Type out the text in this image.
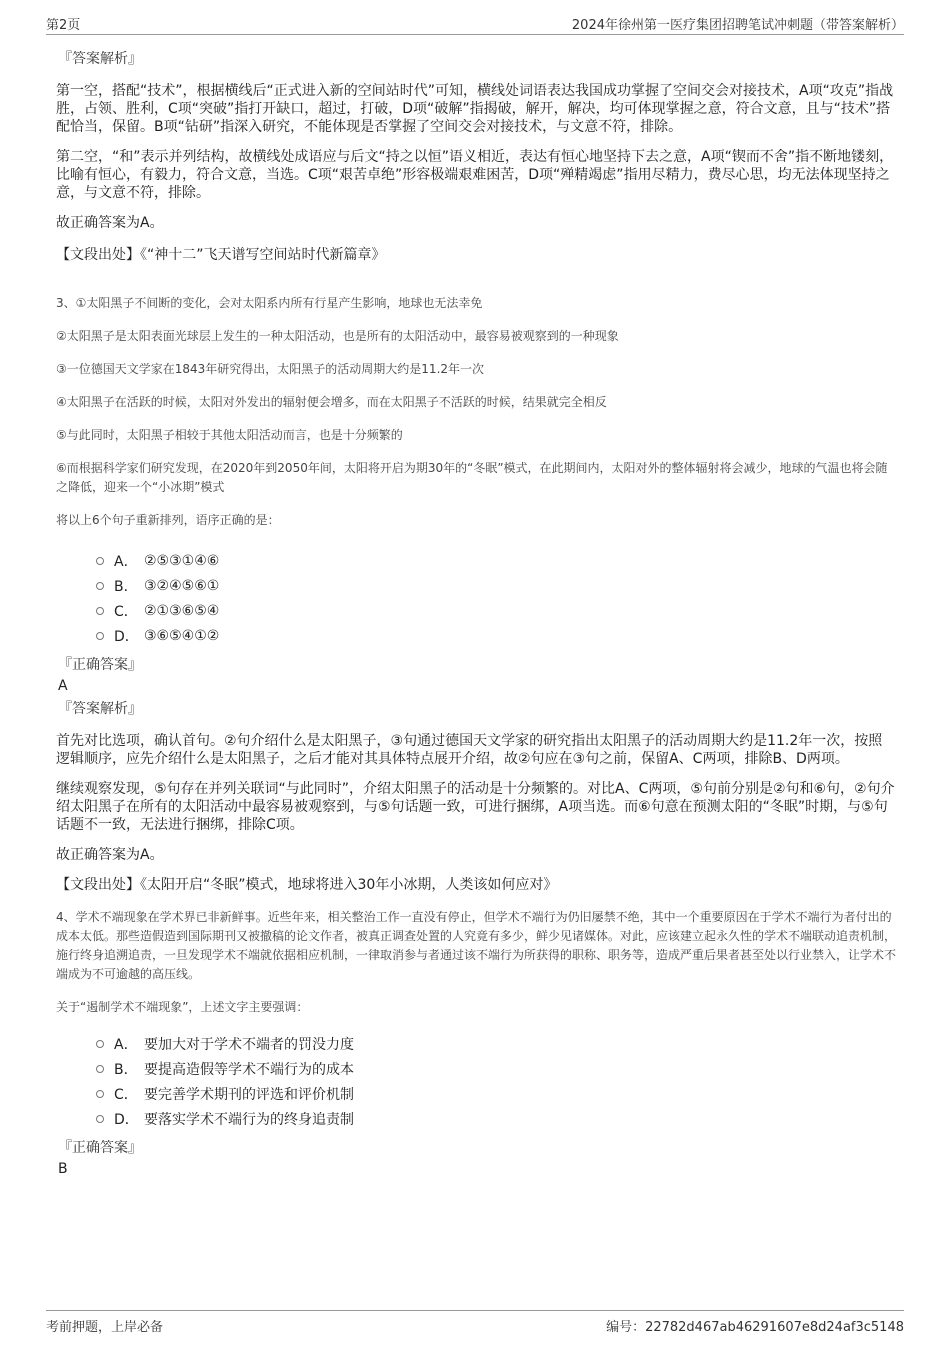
第2页	2024年徐州第一医疗集团招聘笔试冲刺题（带答案解析）
『答案解析』

第一空，搭配“技术”，根据横线后“正式进入新的空间站时代”可知，横线处词语表达我国成功掌握了空间交会对接技术，A项“攻克”指战胜，占领、胜利，C项“突破”指打开缺口，超过，打破，D项“破解”指揭破，解开，解决，均可体现掌握之意，符合文意，且与“技术”搭配恰当，保留。B项“钻研”指深入研究，不能体现是否掌握了空间交会对接技术，与文意不符，排除。

第二空，“和”表示并列结构，故横线处成语应与后文“持之以恒”语义相近，表达有恒心地坚持下去之意，A项“锲而不舍”指不断地镂刻，比喻有恒心，有毅力，符合文意，当选。C项“艰苦卓绝”形容极端艰难困苦，D项“殚精竭虑”指用尽精力，费尽心思，均无法体现坚持之意，与文意不符，排除。

故正确答案为A。

【文段出处】《“神十二”飞天谱写空间站时代新篇章》

3、①太阳黑子不间断的变化，会对太阳系内所有行星产生影响，地球也无法幸免

②太阳黑子是太阳表面光球层上发生的一种太阳活动，也是所有的太阳活动中，最容易被观察到的一种现象

③一位德国天文学家在1843年研究得出，太阳黑子的活动周期大约是11.2年一次

④太阳黑子在活跃的时候，太阳对外发出的辐射便会增多，而在太阳黑子不活跃的时候，结果就完全相反

⑤与此同时，太阳黑子相较于其他太阳活动而言，也是十分频繁的

⑥而根据科学家们研究发现，在2020年到2050年间，太阳将开启为期30年的“冬眠”模式，在此期间内，太阳对外的整体辐射将会减少，地球的气温也将会随之降低，迎来一个“小冰期”模式

将以上6个句子重新排列，语序正确的是：

A． ②⑤③①④⑥
B． ③②④⑤⑥①
C． ②①③⑥⑤④
D． ③⑥⑤④①②
『正确答案』
A
『答案解析』

首先对比选项，确认首句。②句介绍什么是太阳黑子，③句通过德国天文学家的研究指出太阳黑子的活动周期大约是11.2年一次，按照逻辑顺序，应先介绍什么是太阳黑子，之后才能对其具体特点展开介绍，故②句应在③句之前，保留A、C两项，排除B、D两项。

继续观察发现，⑤句存在并列关联词“与此同时”，介绍太阳黑子的活动是十分频繁的。对比A、C两项，⑤句前分别是②句和⑥句，②句介绍太阳黑子在所有的太阳活动中最容易被观察到，与⑤句话题一致，可进行捆绑，A项当选。而⑥句意在预测太阳的“冬眠”时期，与⑤句话题不一致，无法进行捆绑，排除C项。

故正确答案为A。

【文段出处】《太阳开启“冬眠”模式，地球将进入30年小冰期，人类该如何应对》

4、学术不端现象在学术界已非新鲜事。近些年来，相关整治工作一直没有停止，但学术不端行为仍旧屡禁不绝，其中一个重要原因在于学术不端行为者付出的成本太低。那些造假造到国际期刊又被撤稿的论文作者，被真正调查处置的人究竟有多少，鲜少见诸媒体。对此，应该建立起永久性的学术不端联动追责机制，施行终身追溯追责，一旦发现学术不端就依据相应机制，一律取消参与者通过该不端行为所获得的职称、职务等，造成严重后果者甚至处以行业禁入，让学术不端成为不可逾越的高压线。

关于“遏制学术不端现象”，上述文字主要强调：

A． 要加大对于学术不端者的罚没力度
B． 要提高造假等学术不端行为的成本
C． 要完善学术期刊的评选和评价机制
D． 要落实学术不端行为的终身追责制
『正确答案』
B
考前押题，上岸必备	编号：22782d467ab46291607e8d24af3c5148
